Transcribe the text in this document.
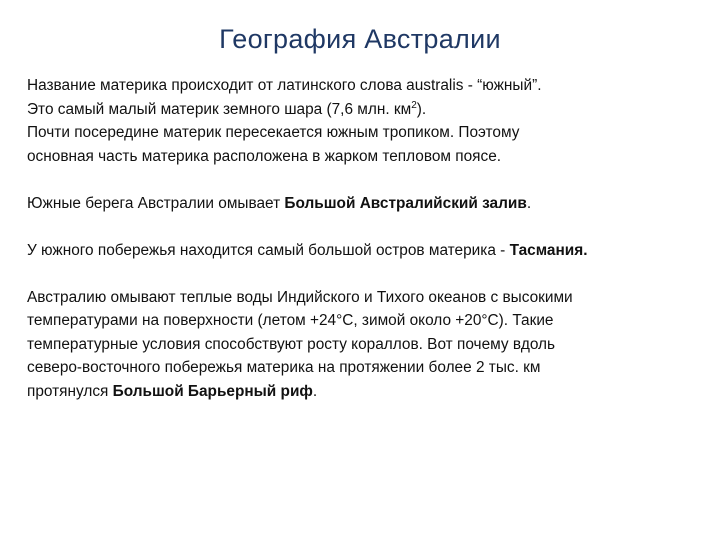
География Австралии

Название материка происходит от латинского слова australis - “южный”.
Это самый малый материк земного шара (7,6 млн. $км^2$).
Почти посередине материк пересекается южным тропиком. Поэтому
основная часть материка расположена в жарком тепловом поясе.

Южные берега Австралии омывает Большой Австралийский залив.

У южного побережья находится самый большой остров материка - Тасмания.

Австралию омывают теплые воды Индийского и Тихого океанов с высокими
температурами на поверхности (летом +24°С, зимой около +20°С). Такие
температурные условия способствуют росту кораллов. Вот почему вдоль
северо-восточного побережья материка на протяжении более 2 тыс. км
протянулся Большой Барьерный риф.
